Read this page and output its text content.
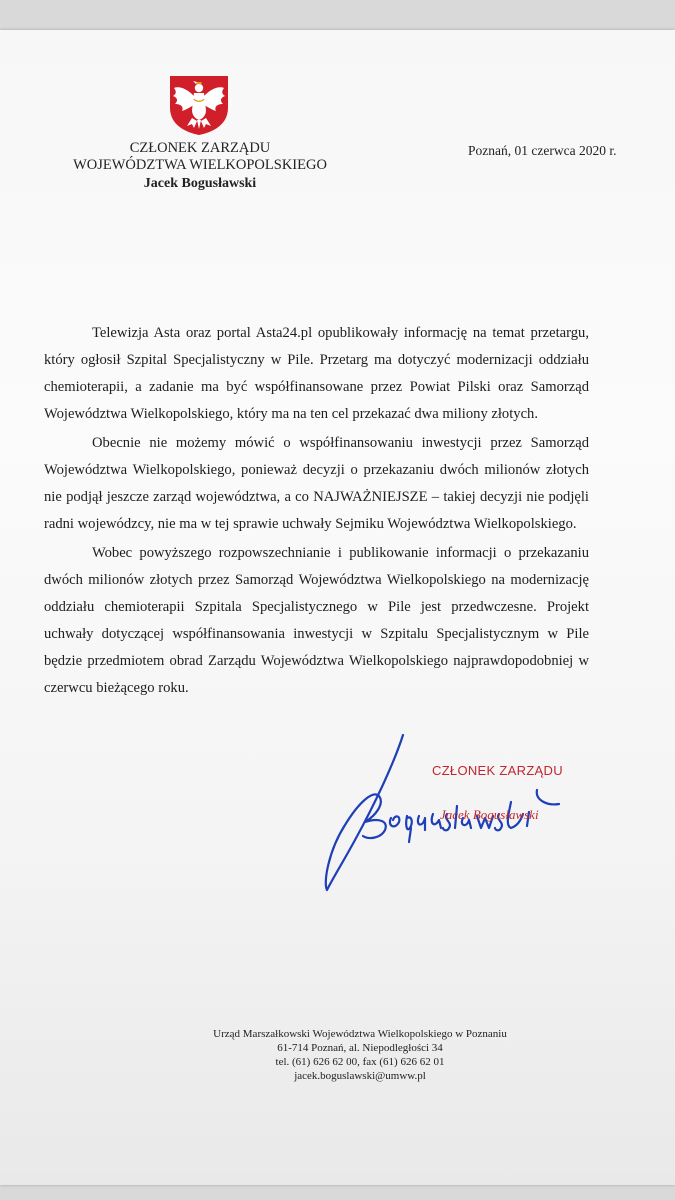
CZŁONEK ZARZĄDU
WOJEWÓDZTWA WIELKOPOLSKIEGO
Jacek Bogusławski
Poznań, 01 czerwca 2020 r.

Telewizja Asta oraz portal Asta24.pl opublikowały informację na temat przetargu, który ogłosił Szpital Specjalistyczny w Pile. Przetarg ma dotyczyć modernizacji oddziału chemioterapii, a zadanie ma być współfinansowane przez Powiat Pilski oraz Samorząd Województwa Wielkopolskiego, który ma na ten cel przekazać dwa miliony złotych.

Obecnie nie możemy mówić o współfinansowaniu inwestycji przez Samorząd Województwa Wielkopolskiego, ponieważ decyzji o przekazaniu dwóch milionów złotych nie podjął jeszcze zarząd województwa, a co NAJWAŻNIEJSZE – takiej decyzji nie podjęli radni wojewódzcy, nie ma w tej sprawie uchwały Sejmiku Województwa Wielkopolskiego.

Wobec powyższego rozpowszechnianie i publikowanie informacji o przekazaniu dwóch milionów złotych przez Samorząd Województwa Wielkopolskiego na modernizację oddziału chemioterapii Szpitala Specjalistycznego w Pile jest przedwczesne. Projekt uchwały dotyczącej współfinansowania inwestycji w Szpitalu Specjalistycznym w Pile będzie przedmiotem obrad Zarządu Województwa Wielkopolskiego najprawdopodobniej w czerwcu bieżącego roku.

CZŁONEK ZARZĄDU
Jacek Bogusławski
Urząd Marszałkowski Województwa Wielkopolskiego w Poznaniu
61-714 Poznań, al. Niepodległości 34
tel. (61) 626 62 00, fax (61) 626 62 01
jacek.boguslawski@umww.pl
